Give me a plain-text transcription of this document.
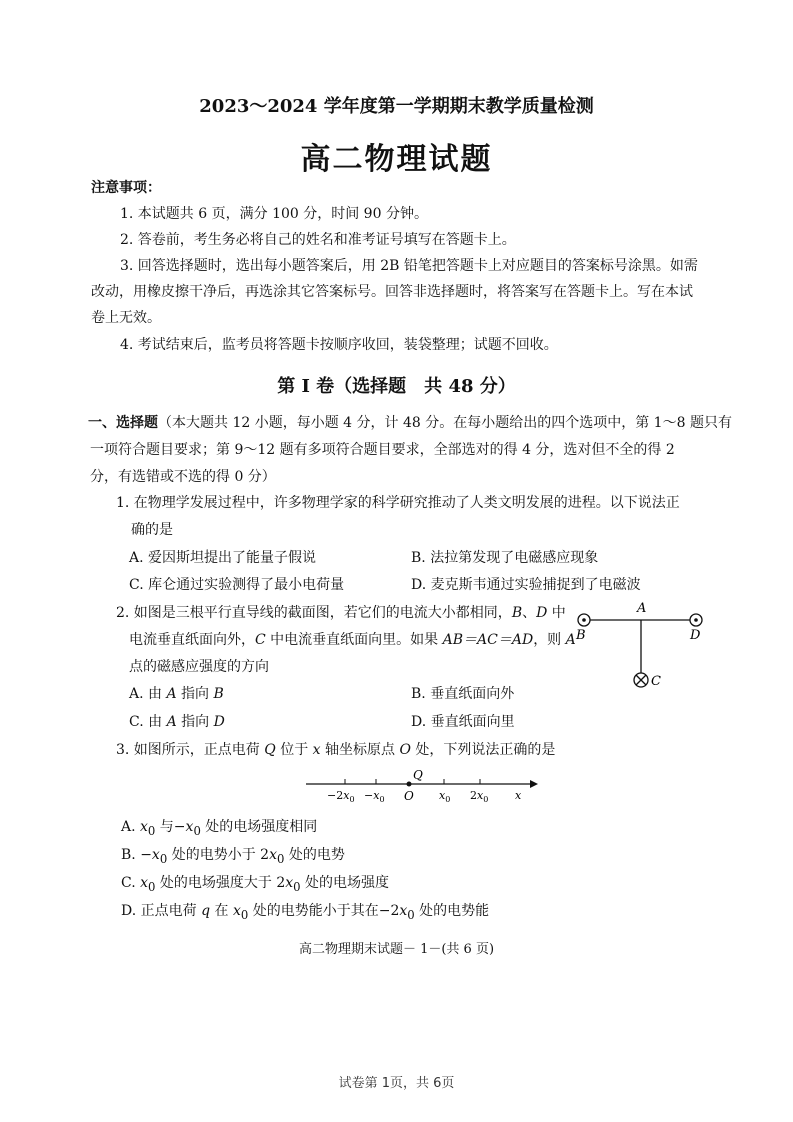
2023～2024 学年度第一学期期末教学质量检测
高二物理试题
注意事项：
1. 本试题共 6 页，满分 100 分，时间 90 分钟。
2. 答卷前，考生务必将自己的姓名和准考证号填写在答题卡上。
3. 回答选择题时，选出每小题答案后，用 2B 铅笔把答题卡上对应题目的答案标号涂黑。如需
改动，用橡皮擦干净后，再选涂其它答案标号。回答非选择题时，将答案写在答题卡上。写在本试
卷上无效。
4. 考试结束后，监考员将答题卡按顺序收回，装袋整理；试题不回收。
第 Ⅰ 卷（选择题　共 48 分）
一、选择题（本大题共 12 小题，每小题 4 分，计 48 分。在每小题给出的四个选项中，第 1～8 题只有
一项符合题目要求；第 9～12 题有多项符合题目要求，全部选对的得 4 分，选对但不全的得 2
分，有选错或不选的得 0 分）
1. 在物理学发展过程中，许多物理学家的科学研究推动了人类文明发展的进程。以下说法正
确的是
A. 爱因斯坦提出了能量子假说	B. 法拉第发现了电磁感应现象
C. 库仑通过实验测得了最小电荷量	D. 麦克斯韦通过实验捕捉到了电磁波
2. 如图是三根平行直导线的截面图，若它们的电流大小都相同，B、D 中
电流垂直纸面向外，C 中电流垂直纸面向里。如果 AB＝AC＝AD，则 A
点的磁感应强度的方向
A. 由 A 指向 B	B. 垂直纸面向外
C. 由 A 指向 D	D. 垂直纸面向里
A
B	D
C
3. 如图所示，正点电荷 Q 位于 x 轴坐标原点 O 处，下列说法正确的是
Q
$-2x_0 -x_0$ O $x_0$ $2x_0$ x
A. $x_0$ 与$-x_0$ 处的电场强度相同
B. $-x_0$ 处的电势小于 $2x_0$ 处的电势
C. $x_0$ 处的电场强度大于 $2x_0$ 处的电场强度
D. 正点电荷 q 在 $x_0$ 处的电势能小于其在$-2x_0$ 处的电势能
高二物理期末试题－ 1－(共 6 页)
试卷第 1页，共 6页
